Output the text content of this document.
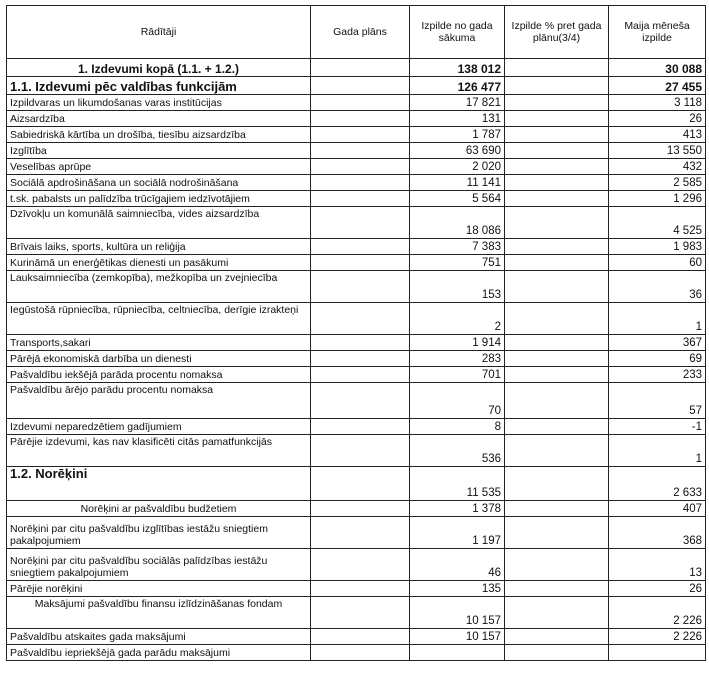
Rādītāji	Gada plāns	Izpilde no gada sākuma	Izpilde % pret gada plānu(3/4)	Maija mēneša izpilde
1. Izdevumi kopā (1.1. + 1.2.)		138 012		30 088
1.1. Izdevumi pēc valdības funkcijām		126 477		27 455
Izpildvaras un likumdošanas varas institūcijas		17 821		3 118
Aizsardzība		131		26
Sabiedriskā kārtība un drošība, tiesību aizsardzība		1 787		413
Izglītība		63 690		13 550
Veselības aprūpe		2 020		432
Sociālā apdrošināšana un sociālā nodrošināšana		11 141		2 585
t.sk. pabalsts un palīdzība trūcīgajiem iedzīvotājiem		5 564		1 296
Dzīvokļu un komunālā saimniecība, vides aizsardzība		18 086		4 525
Brīvais laiks, sports, kultūra un reliģija		7 383		1 983
Kurināmā un enerģētikas dienesti un pasākumi		751		60
Lauksaimniecība (zemkopība), mežkopība un zvejniecība		153		36
Iegūstošā rūpniecība, rūpniecība, celtniecība, derīgie izrakteņi		2		1
Transports,sakari		1 914		367
Pārējā ekonomiskā darbība un dienesti		283		69
Pašvaldību iekšējā parāda procentu nomaksa		701		233
Pašvaldību ārējo parādu procentu nomaksa		70		57
Izdevumi neparedzētiem gadījumiem		8		-1
Pārējie izdevumi, kas nav klasificēti citās pamatfunkcijās		536		1
1.2. Norēķini		11 535		2 633
Norēķini ar pašvaldību budžetiem		1 378		407
Norēķini par citu pašvaldību izglītības iestāžu sniegtiem pakalpojumiem		1 197		368
Norēķini par citu pašvaldību sociālās palīdzības iestāžu sniegtiem pakalpojumiem		46		13
Pārējie norēķini		135		26
Maksājumi pašvaldību finansu izlīdzināšanas fondam		10 157		2 226
Pašvaldību atskaites gada maksājumi		10 157		2 226
Pašvaldību iepriekšējā gada parādu maksājumi				
